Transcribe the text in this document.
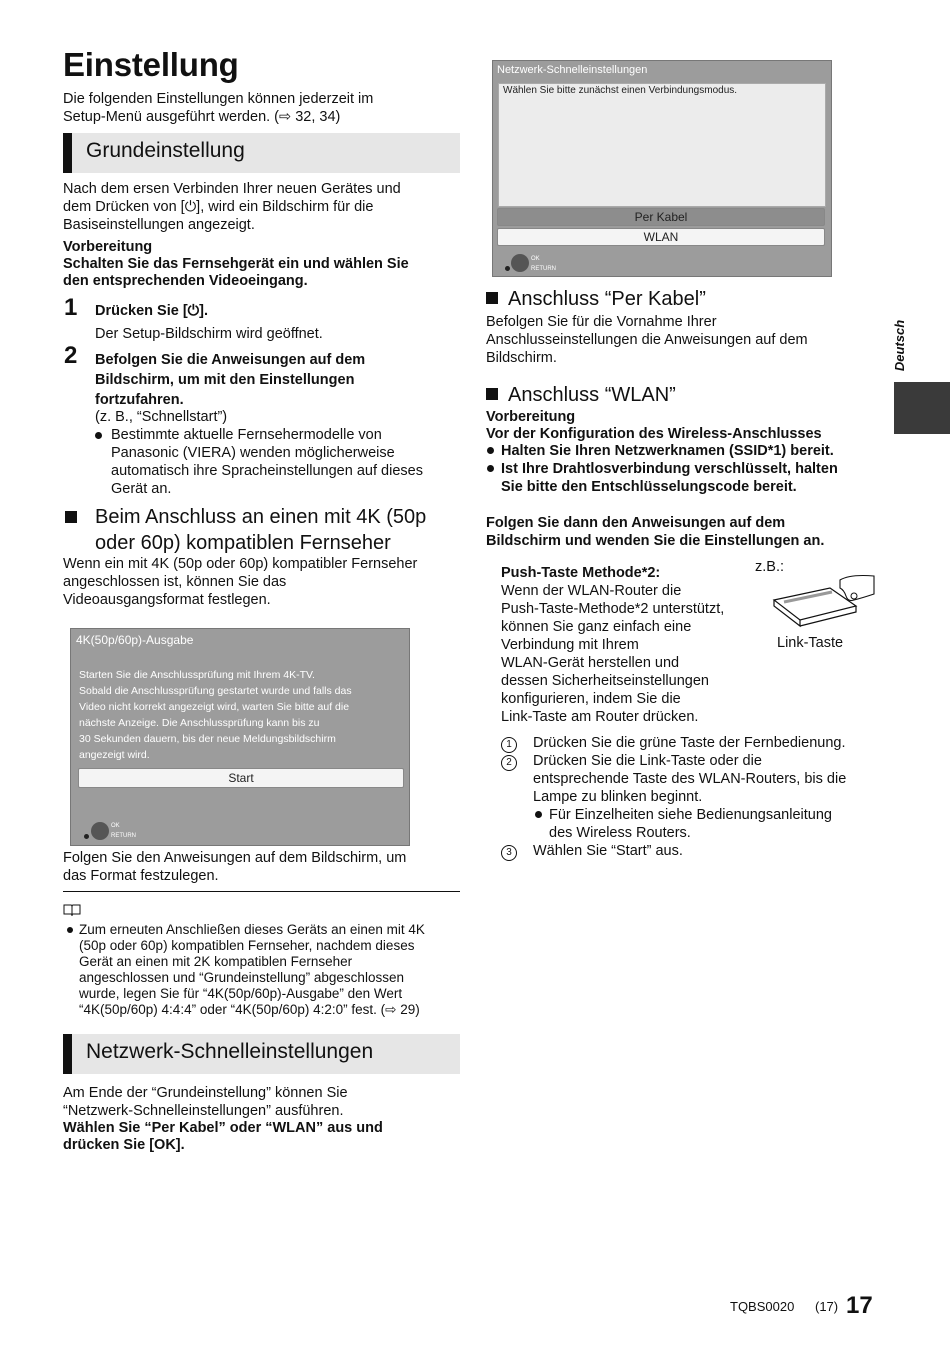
Einstellung
Die folgenden Einstellungen können jederzeit im
Setup-Menü ausgeführt werden. (⇨ 32, 34)
Grundeinstellung
Nach dem ersen Verbinden Ihrer neuen Gerätes und
dem Drücken von [⏻], wird ein Bildschirm für die
Basiseinstellungen angezeigt.
Vorbereitung
Schalten Sie das Fernsehgerät ein und wählen Sie
den entsprechenden Videoeingang.
1 Drücken Sie [⏻].
Der Setup-Bildschirm wird geöffnet.
2 Befolgen Sie die Anweisungen auf dem
Bildschirm, um mit den Einstellungen
fortzufahren.
(z. B., “Schnellstart”)
Bestimmte aktuelle Fernsehermodelle von
Panasonic (VIERA) wenden möglicherweise
automatisch ihre Spracheinstellungen auf dieses
Gerät an.
Beim Anschluss an einen mit 4K (50p
oder 60p) kompatiblen Fernseher
Wenn ein mit 4K (50p oder 60p) kompatibler Fernseher
angeschlossen ist, können Sie das
Videoausgangsformat festlegen.
4K(50p/60p)-Ausgabe
Starten Sie die Anschlussprüfung mit Ihrem 4K-TV.
Sobald die Anschlussprüfung gestartet wurde und falls das
Video nicht korrekt angezeigt wird, warten Sie bitte auf die
nächste Anzeige. Die Anschlussprüfung kann bis zu
30 Sekunden dauern, bis der neue Meldungsbildschirm
angezeigt wird.
Start
OK
RETURN
Folgen Sie den Anweisungen auf dem Bildschirm, um
das Format festzulegen.
Zum erneuten Anschließen dieses Geräts an einen mit 4K
(50p oder 60p) kompatiblen Fernseher, nachdem dieses
Gerät an einen mit 2K kompatiblen Fernseher
angeschlossen und “Grundeinstellung” abgeschlossen
wurde, legen Sie für “4K(50p/60p)-Ausgabe” den Wert
“4K(50p/60p) 4:4:4” oder “4K(50p/60p) 4:2:0” fest. (⇨ 29)
Netzwerk-Schnelleinstellungen
Am Ende der “Grundeinstellung” können Sie
“Netzwerk-Schnelleinstellungen” ausführen.
Wählen Sie “Per Kabel” oder “WLAN” aus und
drücken Sie [OK].
Netzwerk-Schnelleinstellungen
Wählen Sie bitte zunächst einen Verbindungsmodus.
Per Kabel
WLAN
OK
RETURN
Anschluss “Per Kabel”
Befolgen Sie für die Vornahme Ihrer
Anschlusseinstellungen die Anweisungen auf dem
Bildschirm.
Anschluss “WLAN”
Vorbereitung
Vor der Konfiguration des Wireless-Anschlusses
Halten Sie Ihren Netzwerknamen (SSID*1) bereit.
Ist Ihre Drahtlosverbindung verschlüsselt, halten
Sie bitte den Entschlüsselungscode bereit.
Folgen Sie dann den Anweisungen auf dem
Bildschirm und wenden Sie die Einstellungen an.
Push-Taste Methode*2:
Wenn der WLAN-Router die
Push-Taste-Methode*2 unterstützt,
können Sie ganz einfach eine
Verbindung mit Ihrem
WLAN-Gerät herstellen und
dessen Sicherheitseinstellungen
konfigurieren, indem Sie die
Link-Taste am Router drücken.
z.B.:
Link-Taste
1 Drücken Sie die grüne Taste der Fernbedienung.
2 Drücken Sie die Link-Taste oder die
entsprechende Taste des WLAN-Routers, bis die
Lampe zu blinken beginnt.
Für Einzelheiten siehe Bedienungsanleitung
des Wireless Routers.
3 Wählen Sie “Start” aus.
Deutsch
TQBS0020 (17) 17
